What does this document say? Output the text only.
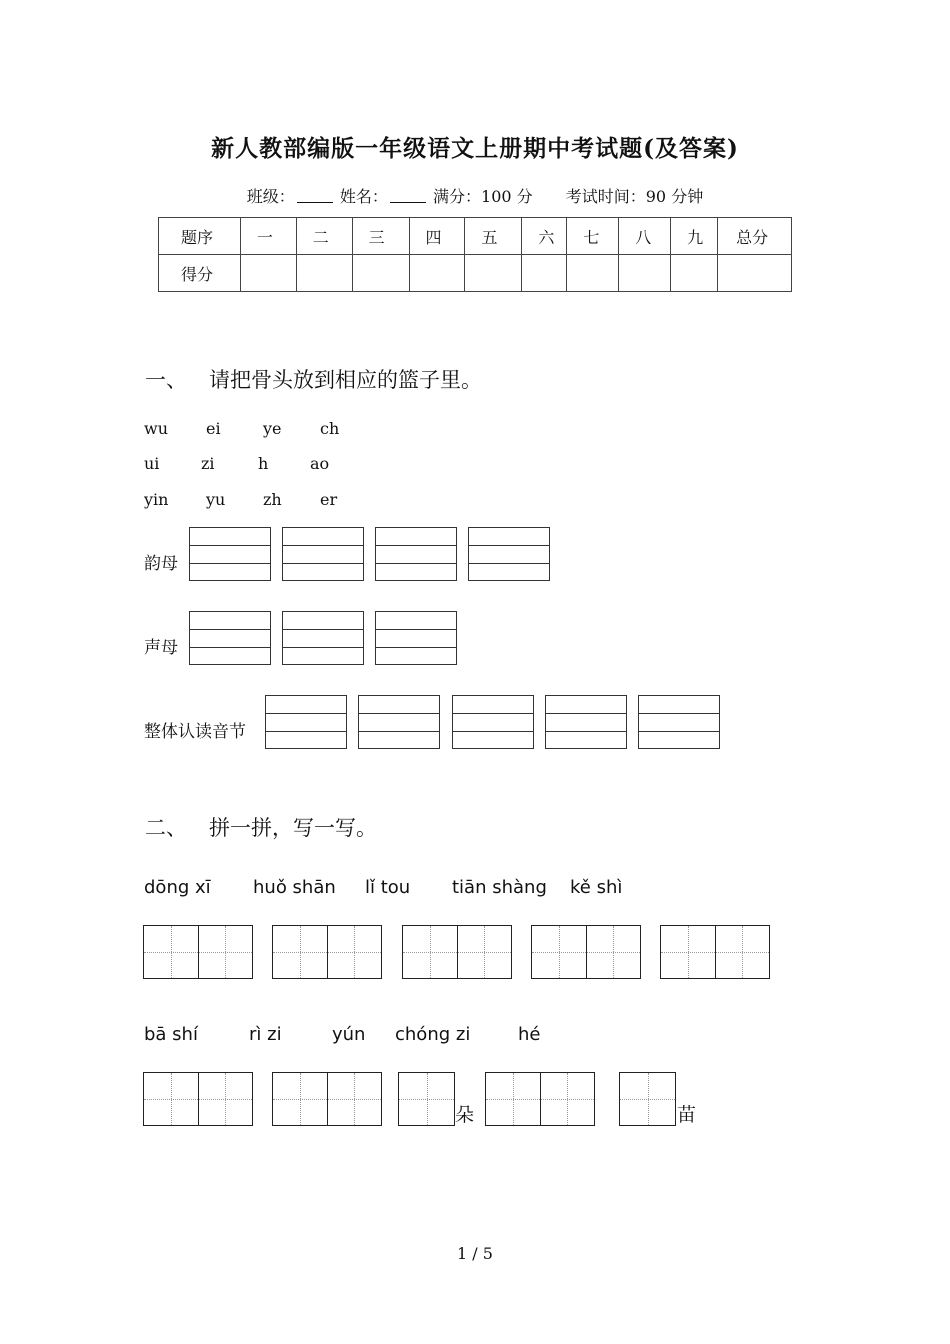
新人教部编版一年级语文上册期中考试题(及答案)
班级：	姓名：	满分：100 分 考试时间：90 分钟
题序	一	二	三	四	五	六	七	八	九	总分
得分										
一、 请把骨头放到相应的篮子里。
wu ei	ye ch
ui	zi	h	ao
yin yu zh er
韵母
声母
整体认读音节
二、 拼一拼，写一写。
dōng xī huǒ shān lǐ tou tiān shàng kě shì
bā shí	rì zi	yún chóng zi	hé
朵	苗
1 / 5
